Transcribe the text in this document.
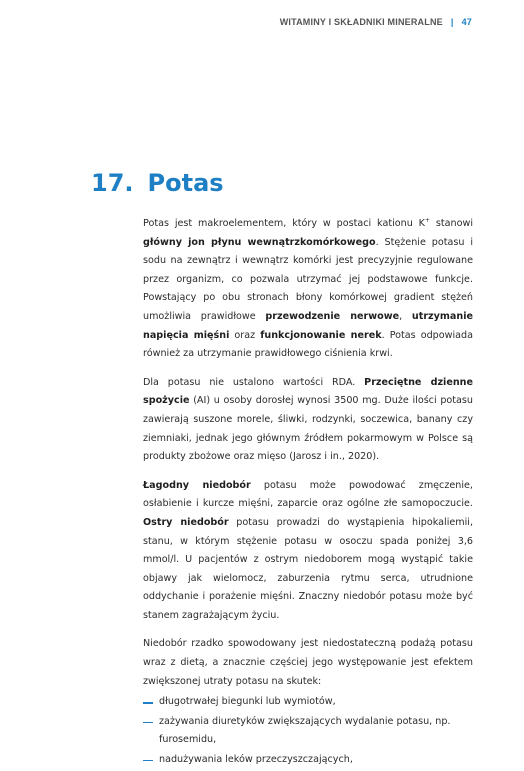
WITAMINY I SKŁADNIKI MINERALNE | 47
17. Potas

Potas jest makroelementem, który w postaci kationu K+ stanowi główny jon płynu wewnątrzkomórkowego. Stężenie potasu i sodu na zewnątrz i wewnątrz komórki jest precyzyjnie regulowane przez organizm, co pozwala utrzymać jej podstawowe funkcje. Powstający po obu stronach błony komórkowej gradient stężeń umożliwia prawidłowe przewodzenie nerwowe, utrzymanie napięcia mięśni oraz funkcjonowanie nerek. Potas odpowiada również za utrzymanie prawidłowego ciśnienia krwi.

Dla potasu nie ustalono wartości RDA. Przeciętne dzienne spożycie (AI) u osoby dorosłej wynosi 3500 mg. Duże ilości potasu zawierają suszone morele, śliwki, rodzynki, soczewica, banany czy ziemniaki, jednak jego głównym źródłem pokarmowym w Polsce są produkty zbożowe oraz mięso (Jarosz i in., 2020).

Łagodny niedobór potasu może powodować zmęczenie, osłabienie i kurcze mięśni, zaparcie oraz ogólne złe samopoczucie. Ostry niedobór potasu prowadzi do wystąpienia hipokaliemii, stanu, w którym stężenie potasu w osoczu spada poniżej 3,6 mmol/l. U pacjentów z ostrym niedoborem mogą wystąpić takie objawy jak wielomocz, zaburzenia rytmu serca, utrudnione oddychanie i porażenie mięśni. Znaczny niedobór potasu może być stanem zagrażającym życiu.

Niedobór rzadko spowodowany jest niedostateczną podażą potasu wraz z dietą, a znacznie częściej jego występowanie jest efektem zwiększonej utraty potasu na skutek:

długotrwałej biegunki lub wymiotów,
zażywania diuretyków zwiększających wydalanie potasu, np. furosemidu,
nadużywania leków przeczyszczających,
